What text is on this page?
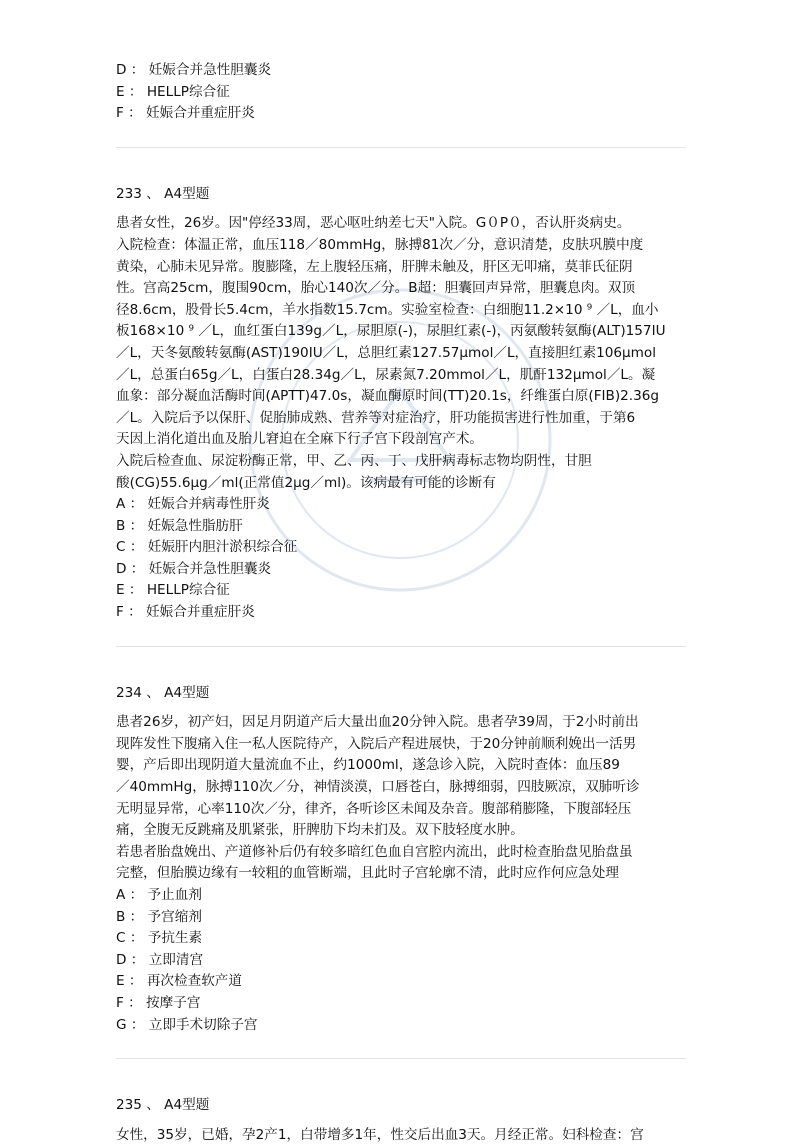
D ： 妊娠合并急性胆囊炎
E ： HELLP综合征
F ： 妊娠合并重症肝炎
233 、 A4型题
患者女性，26岁。因"停经33周，恶心呕吐纳差七天"入院。G０P０，否认肝炎病史。
入院检查：体温正常，血压118／80mmHg，脉搏81次／分，意识清楚，皮肤巩膜中度
黄染，心肺未见异常。腹膨隆，左上腹轻压痛，肝脾未触及，肝区无叩痛，莫菲氏征阴
性。宫高25cm，腹围90cm，胎心140次／分。B超：胆囊回声异常，胆囊息肉。双顶
径8.6cm，股骨长5.4cm，羊水指数15.7cm。实验室检查：白细胞11.2×10 ⁹ ／L，血小
板168×10 ⁹ ／L，血红蛋白139g／L，尿胆原(-)，尿胆红素(-)，丙氨酸转氨酶(ALT)157IU
／L，天冬氨酸转氨酶(AST)190IU／L，总胆红素127.57μmol／L，直接胆红素106μmol
／L，总蛋白65g／L，白蛋白28.34g／L，尿素氮7.20mmol／L，肌酐132μmol／L。凝
血象：部分凝血活酶时间(APTT)47.0s，凝血酶原时间(TT)20.1s，纤维蛋白原(FIB)2.36g
／L。入院后予以保肝、促胎肺成熟、营养等对症治疗，肝功能损害进行性加重，于第6
天因上消化道出血及胎儿窘迫在全麻下行子宫下段剖宫产术。
入院后检查血、尿淀粉酶正常，甲、乙、丙、丁、戊肝病毒标志物均阴性，甘胆
酸(CG)55.6μg／ml(正常值2μg／ml)。该病最有可能的诊断有
A ： 妊娠合并病毒性肝炎
B ： 妊娠急性脂肪肝
C ： 妊娠肝内胆汁淤积综合征
D ： 妊娠合并急性胆囊炎
E ： HELLP综合征
F ： 妊娠合并重症肝炎
234 、 A4型题
患者26岁，初产妇，因足月阴道产后大量出血20分钟入院。患者孕39周，于2小时前出
现阵发性下腹痛入住一私人医院待产，入院后产程进展快，于20分钟前顺利娩出一活男
婴，产后即出现阴道大量流血不止，约1000ml，遂急诊入院，入院时查体：血压89
／40mmHg，脉搏110次／分，神情淡漠，口唇苍白，脉搏细弱，四肢厥凉，双肺听诊
无明显异常，心率110次／分，律齐，各听诊区未闻及杂音。腹部稍膨隆，下腹部轻压
痛，全腹无反跳痛及肌紧张，肝脾肋下均未扪及。双下肢轻度水肿。
若患者胎盘娩出、产道修补后仍有较多暗红色血自宫腔内流出，此时检查胎盘见胎盘虽
完整，但胎膜边缘有一较粗的血管断端，且此时子宫轮廓不清，此时应作何应急处理
A ： 予止血剂
B ： 予宫缩剂
C ： 予抗生素
D ： 立即清宫
E ： 再次检查软产道
F ： 按摩子宫
G ： 立即手术切除子宫
235 、 A4型题
女性，35岁，已婚，孕2产1，白带增多1年，性交后出血3天。月经正常。妇科检查：宫
